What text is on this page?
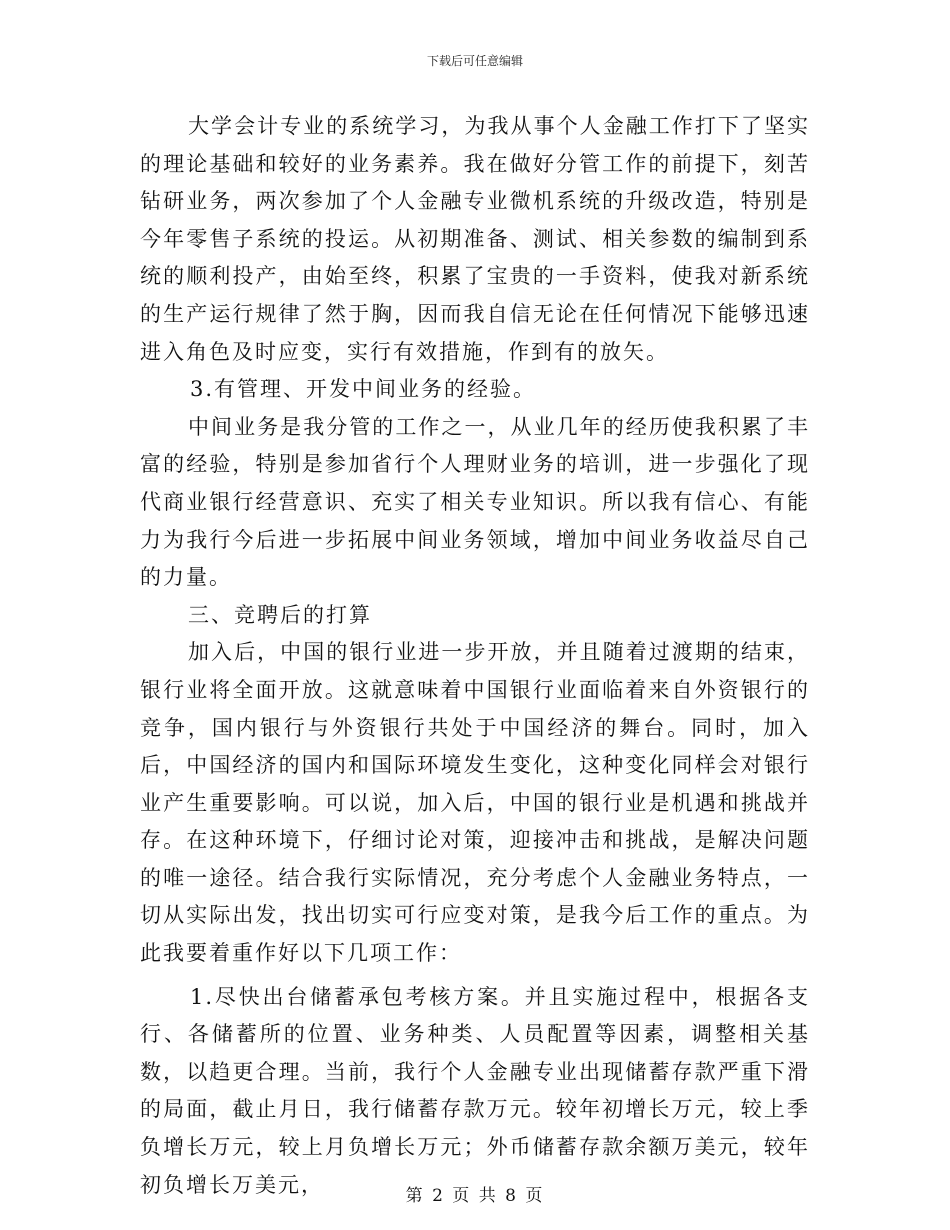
下载后可任意编辑

大学会计专业的系统学习，为我从事个人金融工作打下了坚实的理论基础和较好的业务素养。我在做好分管工作的前提下，刻苦钻研业务，两次参加了个人金融专业微机系统的升级改造，特别是今年零售子系统的投运。从初期准备、测试、相关参数的编制到系统的顺利投产，由始至终，积累了宝贵的一手资料，使我对新系统的生产运行规律了然于胸，因而我自信无论在任何情况下能够迅速进入角色及时应变，实行有效措施，作到有的放矢。

3.有管理、开发中间业务的经验。

中间业务是我分管的工作之一，从业几年的经历使我积累了丰富的经验，特别是参加省行个人理财业务的培训，进一步强化了现代商业银行经营意识、充实了相关专业知识。所以我有信心、有能力为我行今后进一步拓展中间业务领域，增加中间业务收益尽自己的力量。

三、竞聘后的打算

加入后，中国的银行业进一步开放，并且随着过渡期的结束，银行业将全面开放。这就意味着中国银行业面临着来自外资银行的竞争，国内银行与外资银行共处于中国经济的舞台。同时，加入后，中国经济的国内和国际环境发生变化，这种变化同样会对银行业产生重要影响。可以说，加入后，中国的银行业是机遇和挑战并存。在这种环境下，仔细讨论对策，迎接冲击和挑战，是解决问题的唯一途径。结合我行实际情况，充分考虑个人金融业务特点，一切从实际出发，找出切实可行应变对策，是我今后工作的重点。为此我要着重作好以下几项工作：

1.尽快出台储蓄承包考核方案。并且实施过程中，根据各支行、各储蓄所的位置、业务种类、人员配置等因素，调整相关基数，以趋更合理。当前，我行个人金融专业出现储蓄存款严重下滑的局面，截止月日，我行储蓄存款万元。较年初增长万元，较上季负增长万元，较上月负增长万元；外币储蓄存款余额万美元，较年初负增长万美元，	第 2 页 共 8 页
